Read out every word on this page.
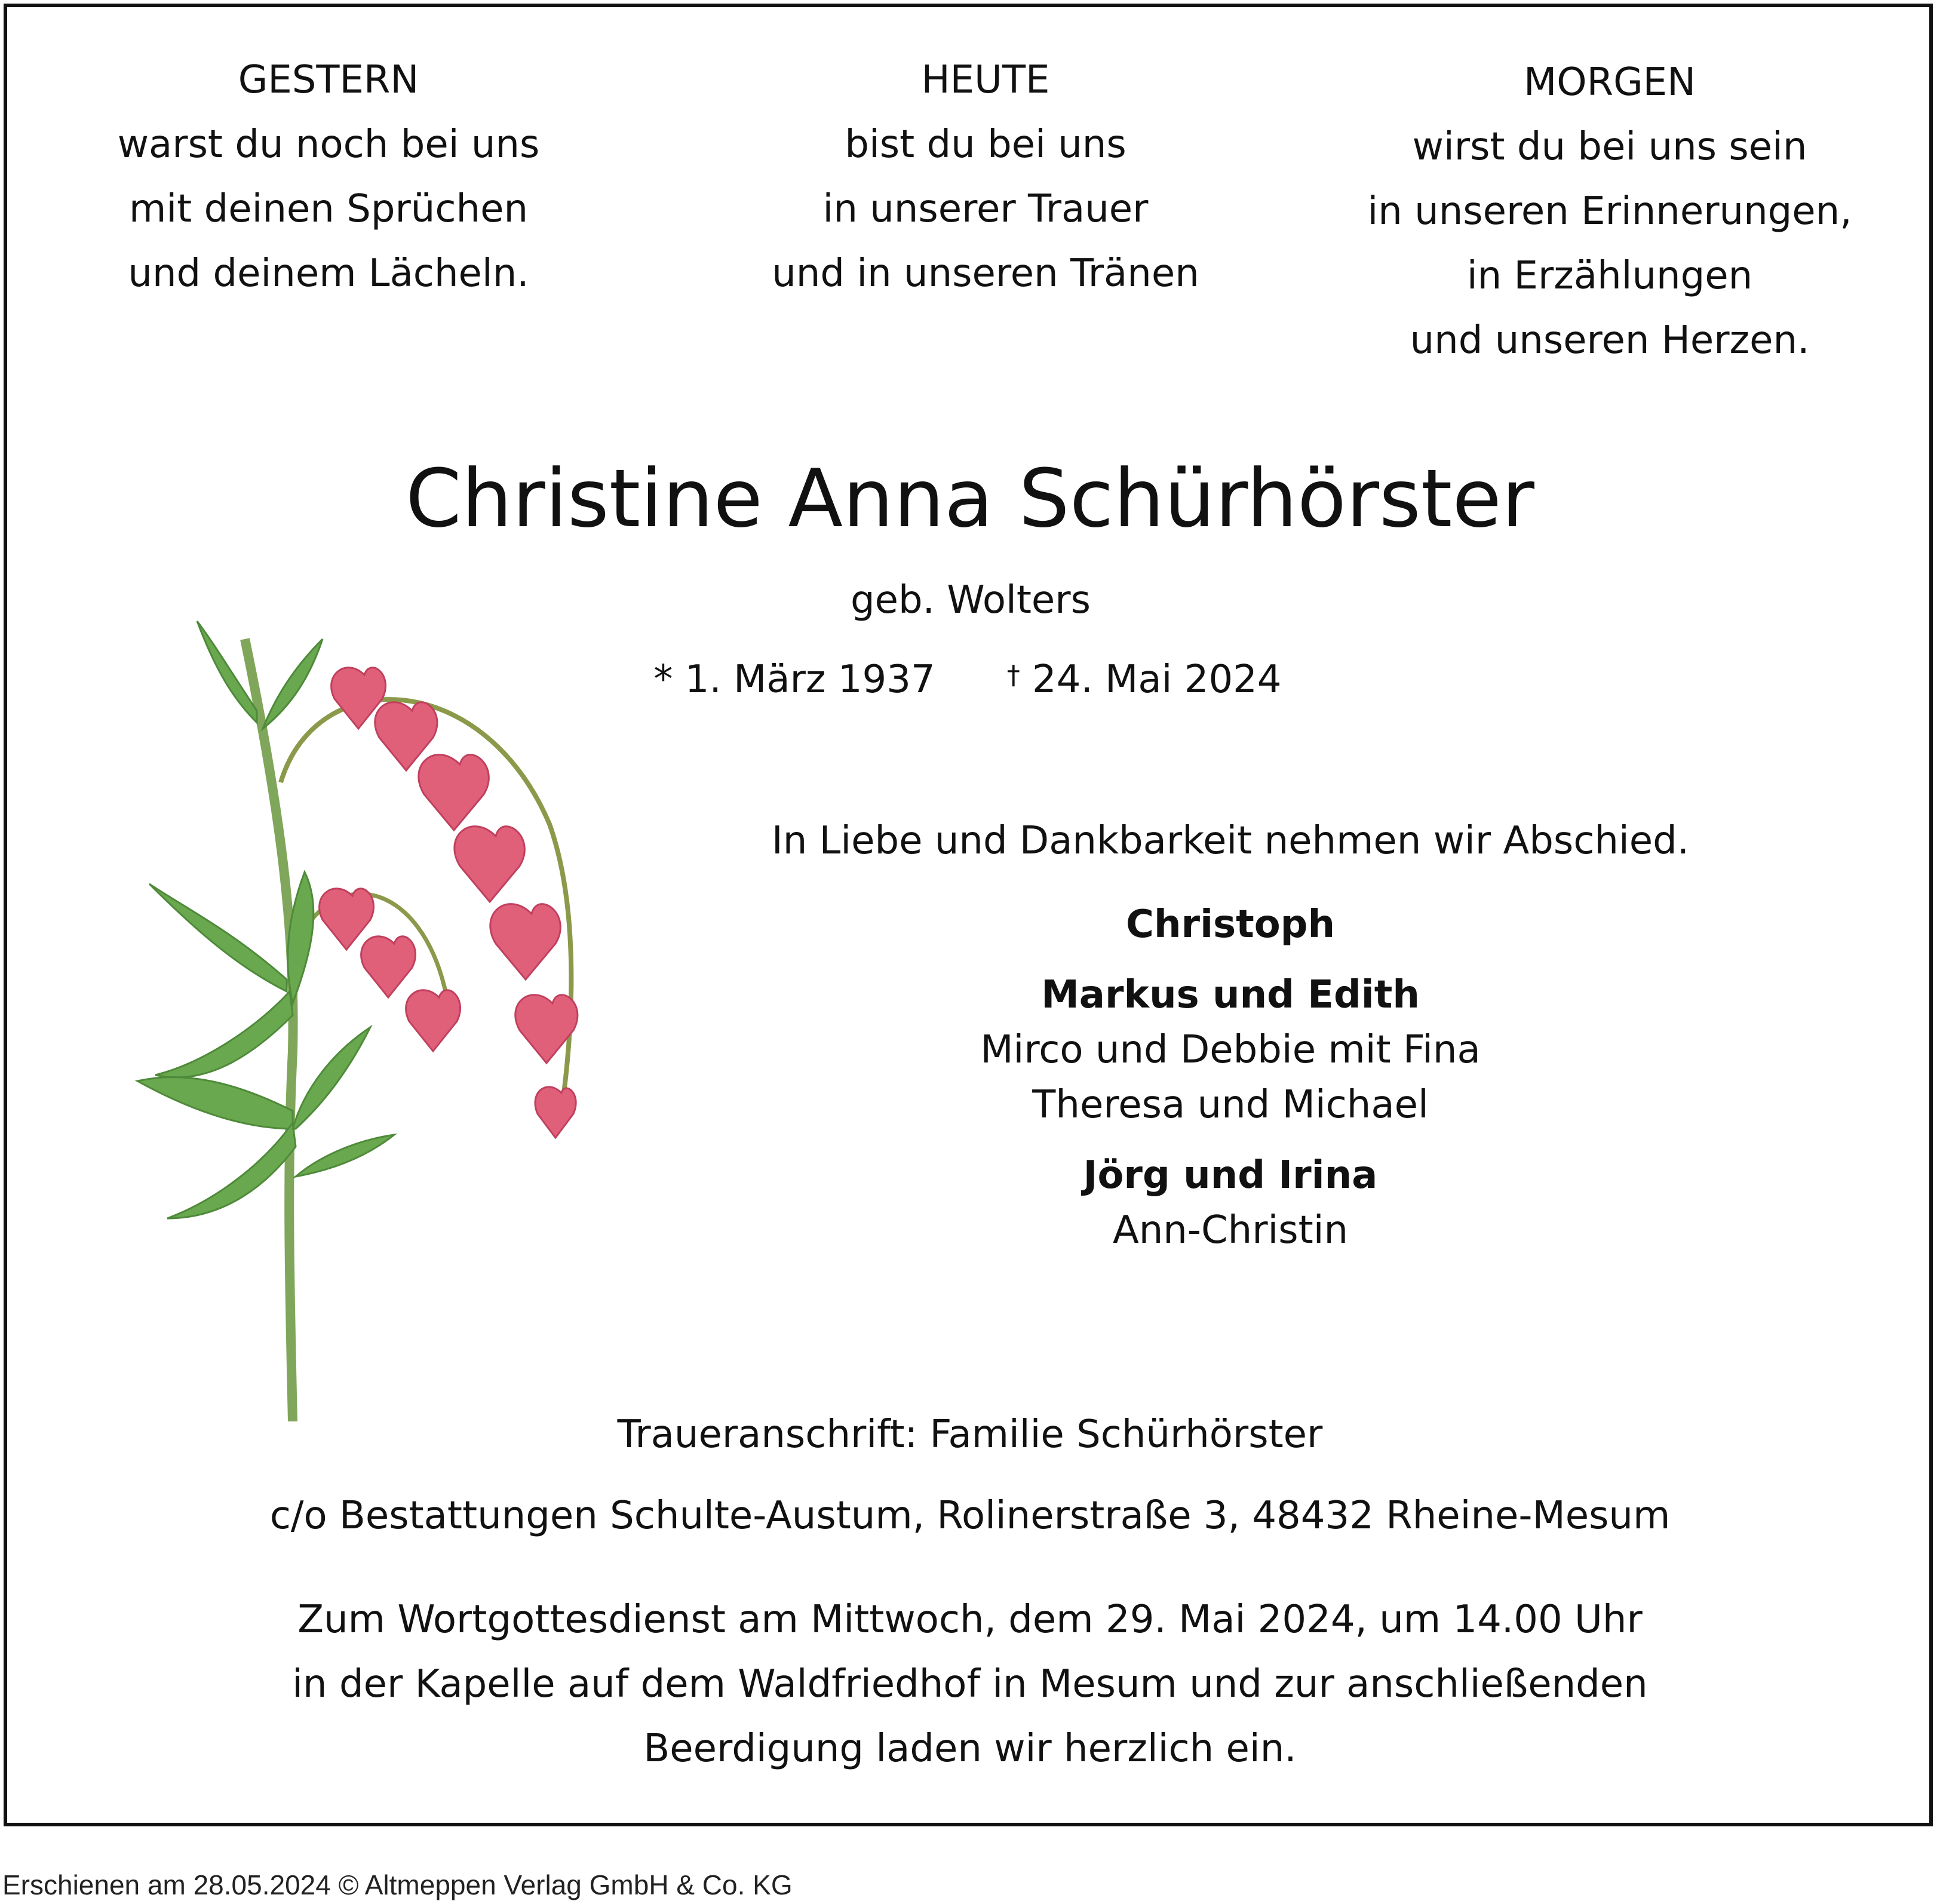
GESTERN
warst du noch bei uns
mit deinen Sprüchen
und deinem Lächeln.
HEUTE
bist du bei uns
in unserer Trauer
und in unseren Tränen
MORGEN
wirst du bei uns sein
in unseren Erinnerungen,
in Erzählungen
und unseren Herzen.
Christine Anna Schürhörster
geb. Wolters
* 1. März 1937	† 24. Mai 2024
In Liebe und Dankbarkeit nehmen wir Abschied.
Christoph
Markus und Edith
Mirco und Debbie mit Fina
Theresa und Michael
Jörg und Irina
Ann-Christin
Traueranschrift: Familie Schürhörster
c/o Bestattungen Schulte-Austum, Rolinerstraße 3, 48432 Rheine-Mesum
Zum Wortgottesdienst am Mittwoch, dem 29. Mai 2024, um 14.00 Uhr
in der Kapelle auf dem Waldfriedhof in Mesum und zur anschließenden
Beerdigung laden wir herzlich ein.
Erschienen am 28.05.2024 © Altmeppen Verlag GmbH & Co. KG
